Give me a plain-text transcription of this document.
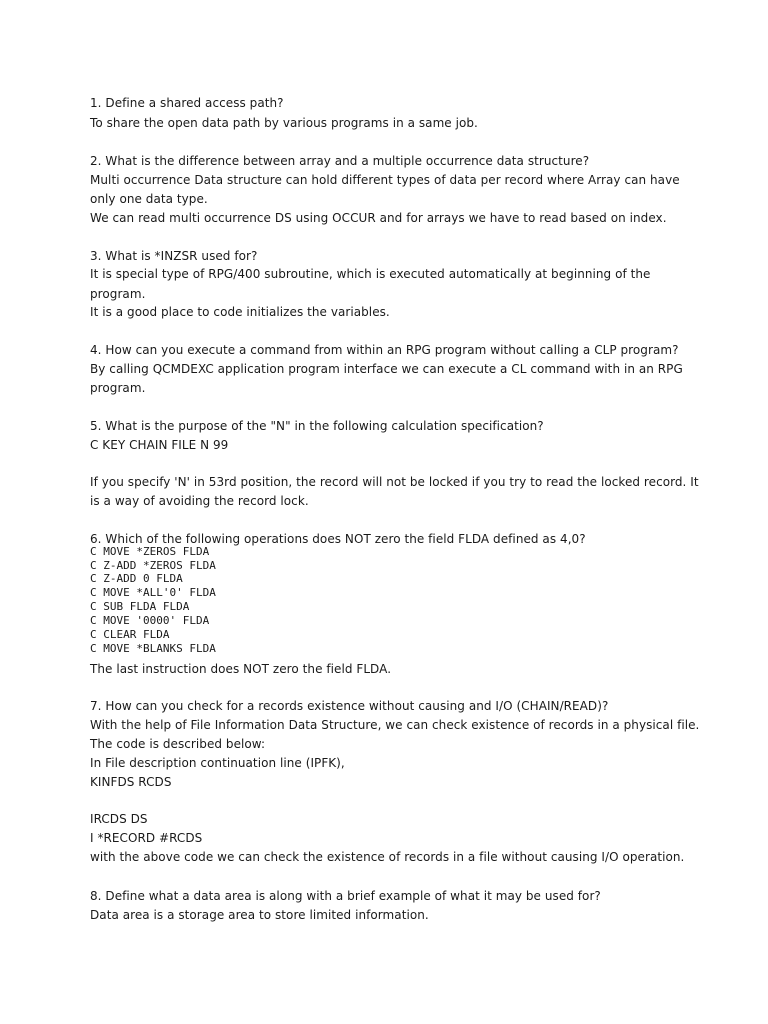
1. Define a shared access path?
To share the open data path by various programs in a same job.
2. What is the difference between array and a multiple occurrence data structure?
Multi occurrence Data structure can hold different types of data per record where Array can have
only one data type.
We can read multi occurrence DS using OCCUR and for arrays we have to read based on index.
3. What is *INZSR used for?
It is special type of RPG/400 subroutine, which is executed automatically at beginning of the
program.
It is a good place to code initializes the variables.
4. How can you execute a command from within an RPG program without calling a CLP program?
By calling QCMDEXC application program interface we can execute a CL command with in an RPG
program.
5. What is the purpose of the "N" in the following calculation specification?
C KEY CHAIN FILE N 99
If you specify 'N' in 53rd position, the record will not be locked if you try to read the locked record. It
is a way of avoiding the record lock.
6. Which of the following operations does NOT zero the field FLDA defined as 4,0?
C MOVE *ZEROS FLDA
C Z-ADD *ZEROS FLDA
C Z-ADD 0 FLDA
C MOVE *ALL'0' FLDA
C SUB FLDA FLDA
C MOVE '0000' FLDA
C CLEAR FLDA
C MOVE *BLANKS FLDA
The last instruction does NOT zero the field FLDA.
7. How can you check for a records existence without causing and I/O (CHAIN/READ)?
With the help of File Information Data Structure, we can check existence of records in a physical file.
The code is described below:
In File description continuation line (IPFK),
KINFDS RCDS
IRCDS DS
I *RECORD #RCDS
with the above code we can check the existence of records in a file without causing I/O operation.
8. Define what a data area is along with a brief example of what it may be used for?
Data area is a storage area to store limited information.
